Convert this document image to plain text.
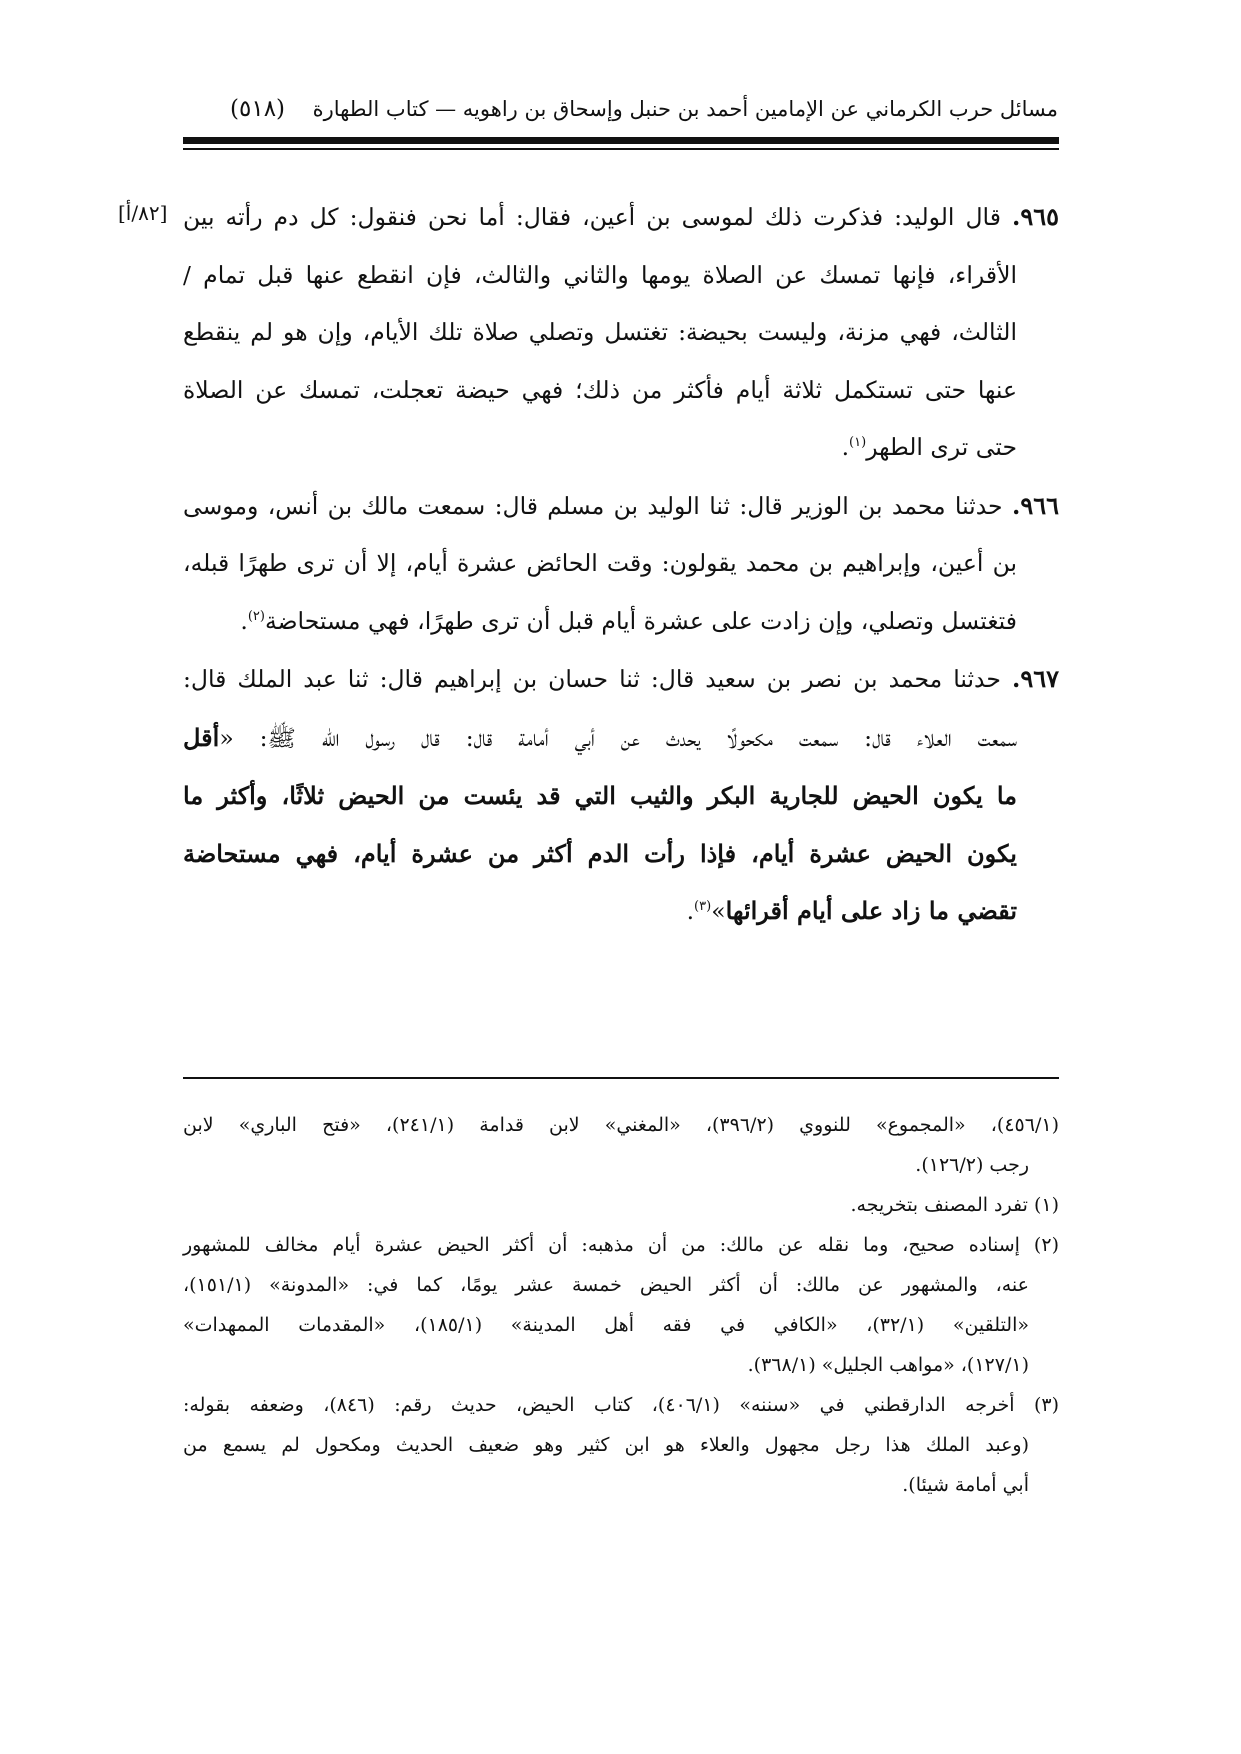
مسائل حرب الكرماني عن الإمامين أحمد بن حنبل وإسحاق بن راهويه — كتاب الطهارة
(٥١٨)
[٨٢/أ]	٩٦٥. قال الوليد: فذكرت ذلك لموسى بن أعين، فقال: أما نحن فنقول: كل دم رأته بين
الأقراء، فإنها تمسك عن الصلاة يومها والثاني والثالث، فإن انقطع عنها قبل تمام /
الثالث، فهي مزنة، وليست بحيضة: تغتسل وتصلي صلاة تلك الأيام، وإن هو لم ينقطع
عنها حتى تستكمل ثلاثة أيام فأكثر من ذلك؛ فهي حيضة تعجلت، تمسك عن الصلاة
حتى ترى الطهر$^{(١)}$.
٩٦٦. حدثنا محمد بن الوزير قال: ثنا الوليد بن مسلم قال: سمعت مالك بن أنس، وموسى
بن أعين، وإبراهيم بن محمد يقولون: وقت الحائض عشرة أيام، إلا أن ترى طهرًا قبله،
فتغتسل وتصلي، وإن زادت على عشرة أيام قبل أن ترى طهرًا، فهي مستحاضة$^{(٢)}$.
٩٦٧. حدثنا محمد بن نصر بن سعيد قال: ثنا حسان بن إبراهيم قال: ثنا عبد الملك قال:
سمعت العلاء قال: سمعت مكحولًا يحدث عن أبي أمامة قال: قال رسول الله ﷺ: «أقل
ما يكون الحيض للجارية البكر والثيب التي قد يئست من الحيض ثلاثًا، وأكثر ما
يكون الحيض عشرة أيام، فإذا رأت الدم أكثر من عشرة أيام، فهي مستحاضة
تقضي ما زاد على أيام أقرائها»$^{(٣)}$.
(٤٥٦/١)، «المجموع» للنووي (٣٩٦/٢)، «المغني» لابن قدامة (٢٤١/١)، «فتح الباري» لابن
رجب (١٢٦/٢).
(١) تفرد المصنف بتخريجه.
(٢) إسناده صحيح، وما نقله عن مالك: من أن مذهبه: أن أكثر الحيض عشرة أيام مخالف للمشهور
عنه، والمشهور عن مالك: أن أكثر الحيض خمسة عشر يومًا، كما في: «المدونة» (١٥١/١)،
«التلقين» (٣٢/١)، «الكافي في فقه أهل المدينة» (١٨٥/١)، «المقدمات الممهدات»
(١٢٧/١)، «مواهب الجليل» (٣٦٨/١).
(٣) أخرجه الدارقطني في «سننه» (٤٠٦/١)، كتاب الحيض، حديث رقم: (٨٤٦)، وضعفه بقوله:
(وعبد الملك هذا رجل مجهول والعلاء هو ابن كثير وهو ضعيف الحديث ومكحول لم يسمع من
أبي أمامة شيئا).
